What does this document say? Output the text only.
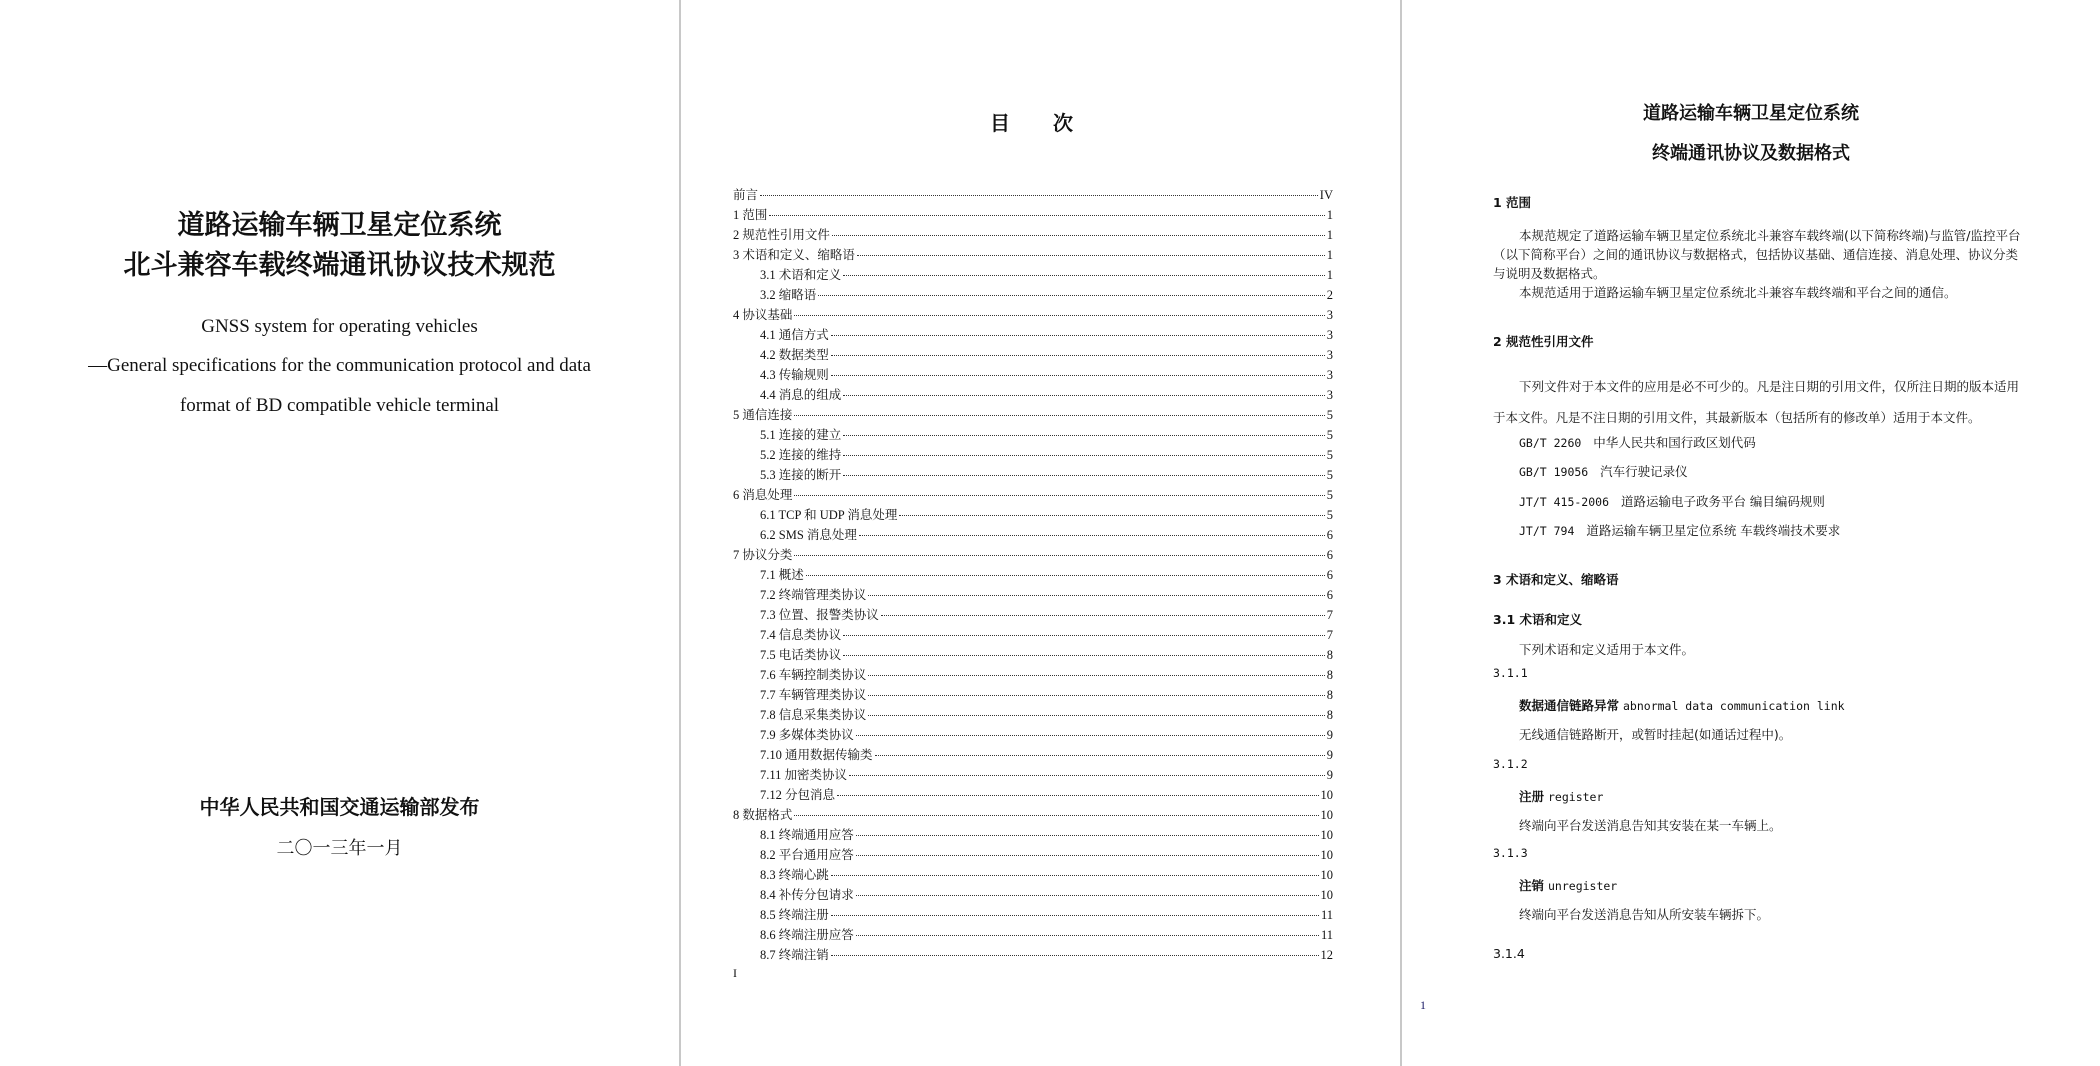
道路运输车辆卫星定位系统
北斗兼容车载终端通讯协议技术规范
GNSS system for operating vehicles
—General specifications for the communication protocol and data
format of BD compatible vehicle terminal
中华人民共和国交通运输部发布
二〇一三年一月
目 次
前言	IV
1 范围	1
2 规范性引用文件	1
3 术语和定义、缩略语	1
3.1 术语和定义	1
3.2 缩略语	2
4 协议基础	3
4.1 通信方式	3
4.2 数据类型	3
4.3 传输规则	3
4.4 消息的组成	3
5 通信连接	5
5.1 连接的建立	5
5.2 连接的维持	5
5.3 连接的断开	5
6 消息处理	5
6.1 TCP 和 UDP 消息处理	5
6.2 SMS 消息处理	6
7 协议分类	6
7.1 概述	6
7.2 终端管理类协议	6
7.3 位置、报警类协议	7
7.4 信息类协议	7
7.5 电话类协议	8
7.6 车辆控制类协议	8
7.7 车辆管理类协议	8
7.8 信息采集类协议	8
7.9 多媒体类协议	9
7.10 通用数据传输类	9
7.11 加密类协议	9
7.12 分包消息	10
8 数据格式	10
8.1 终端通用应答	10
8.2 平台通用应答	10
8.3 终端心跳	10
8.4 补传分包请求	10
8.5 终端注册	11
8.6 终端注册应答	11
8.7 终端注销	12
I
道路运输车辆卫星定位系统
终端通讯协议及数据格式
1 范围
本规范规定了道路运输车辆卫星定位系统北斗兼容车载终端(以下简称终端)与监管/监控平台（以下简称平台）之间的通讯协议与数据格式，包括协议基础、通信连接、消息处理、协议分类与说明及数据格式。
本规范适用于道路运输车辆卫星定位系统北斗兼容车载终端和平台之间的通信。
2 规范性引用文件
下列文件对于本文件的应用是必不可少的。凡是注日期的引用文件，仅所注日期的版本适用于本文件。凡是不注日期的引用文件，其最新版本（包括所有的修改单）适用于本文件。
GB/T 2260 中华人民共和国行政区划代码
GB/T 19056 汽车行驶记录仪
JT/T 415-2006 道路运输电子政务平台 编目编码规则
JT/T 794 道路运输车辆卫星定位系统 车载终端技术要求
3 术语和定义、缩略语
3.1 术语和定义
下列术语和定义适用于本文件。
3.1.1
数据通信链路异常 abnormal data communication link
无线通信链路断开，或暂时挂起(如通话过程中)。
3.1.2
注册 register
终端向平台发送消息告知其安装在某一车辆上。
3.1.3
注销 unregister
终端向平台发送消息告知从所安装车辆拆下。
3.1.4
1
